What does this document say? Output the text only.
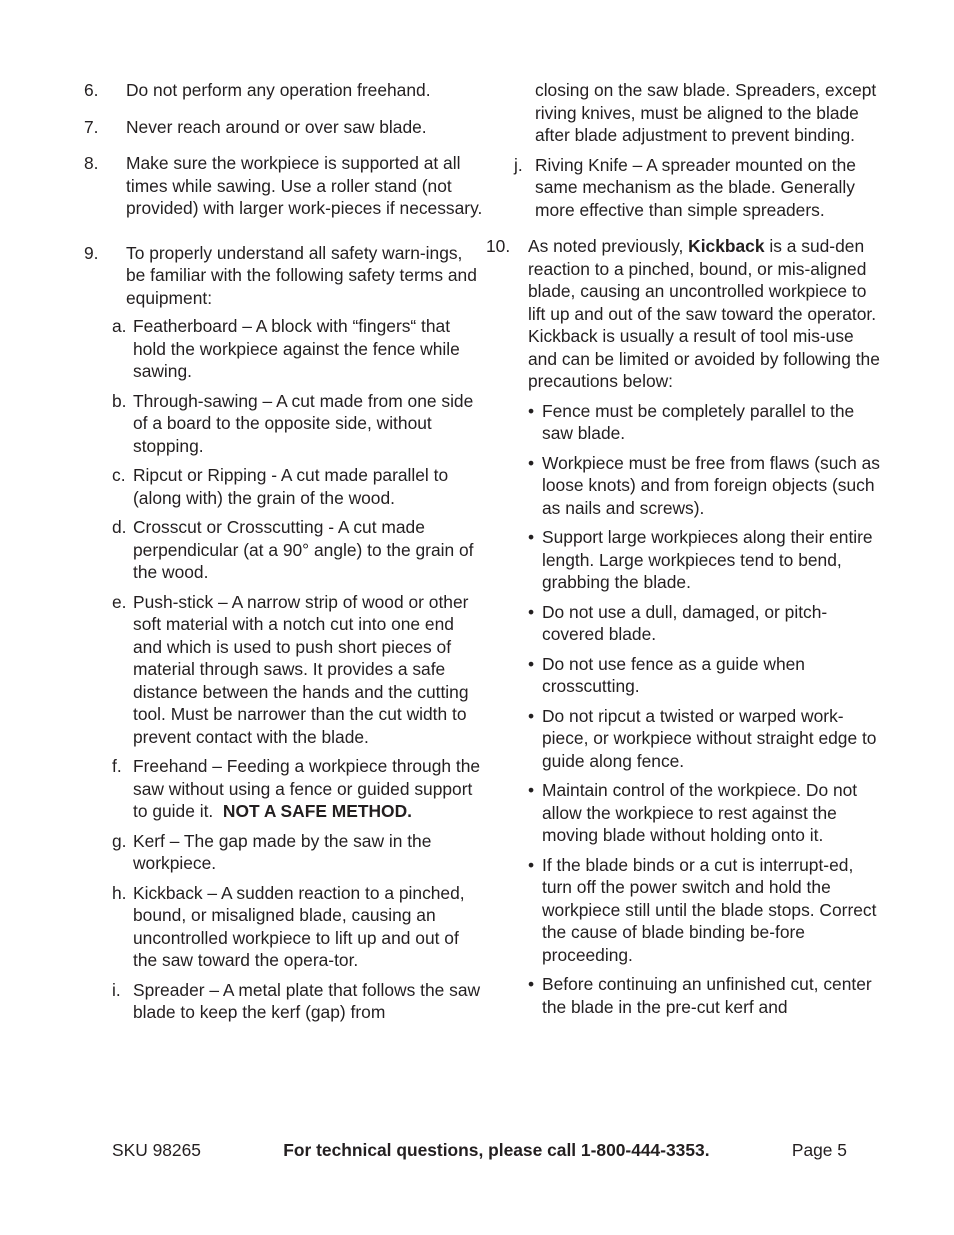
6.	Do not perform any operation freehand.
7.	Never reach around or over saw blade.
8.	Make sure the workpiece is supported at all times while sawing. Use a roller stand (not provided) with larger work-pieces if necessary.
9.	To properly understand all safety warn-ings, be familiar with the following safety terms and equipment:
a. Featherboard – A block with “fingers“ that hold the workpiece against the fence while sawing.
b. Through-sawing – A cut made from one side of a board to the opposite side, without stopping.
c. Ripcut or Ripping - A cut made parallel to (along with) the grain of the wood.
d. Crosscut or Crosscutting - A cut made perpendicular (at a 90° angle) to the grain of the wood.
e. Push-stick – A narrow strip of wood or other soft material with a notch cut into one end and which is used to push short pieces of material through saws. It provides a safe distance between the hands and the cutting tool. Must be narrower than the cut width to prevent contact with the blade.
f. Freehand – Feeding a workpiece through the saw without using a fence or guided support to guide it. NOT A SAFE METHOD.
g. Kerf – The gap made by the saw in the workpiece.
h. Kickback – A sudden reaction to a pinched, bound, or misaligned blade, causing an uncontrolled workpiece to lift up and out of the saw toward the opera-tor.
i. Spreader – A metal plate that follows the saw blade to keep the kerf (gap) from
closing on the saw blade. Spreaders, except riving knives, must be aligned to the blade after blade adjustment to prevent binding.
j. Riving Knife – A spreader mounted on the same mechanism as the blade. Generally more effective than simple spreaders.
10.	As noted previously, Kickback is a sud-den reaction to a pinched, bound, or mis-aligned blade, causing an uncontrolled workpiece to lift up and out of the saw toward the operator.
Kickback is usually a result of tool mis-use and can be limited or avoided by following the precautions below:
• Fence must be completely parallel to the saw blade.
• Workpiece must be free from flaws (such as loose knots) and from foreign objects (such as nails and screws).
• Support large workpieces along their entire length. Large workpieces tend to bend, grabbing the blade.
• Do not use a dull, damaged, or pitch-covered blade.
• Do not use fence as a guide when crosscutting.
• Do not ripcut a twisted or warped work-piece, or workpiece without straight edge to guide along fence.
• Maintain control of the workpiece. Do not allow the workpiece to rest against the moving blade without holding onto it.
• If the blade binds or a cut is interrupt-ed, turn off the power switch and hold the workpiece still until the blade stops. Correct the cause of blade binding be-fore proceeding.
• Before continuing an unfinished cut, center the blade in the pre-cut kerf and
SKU 98265	For technical questions, please call 1-800-444-3353.	Page 5
